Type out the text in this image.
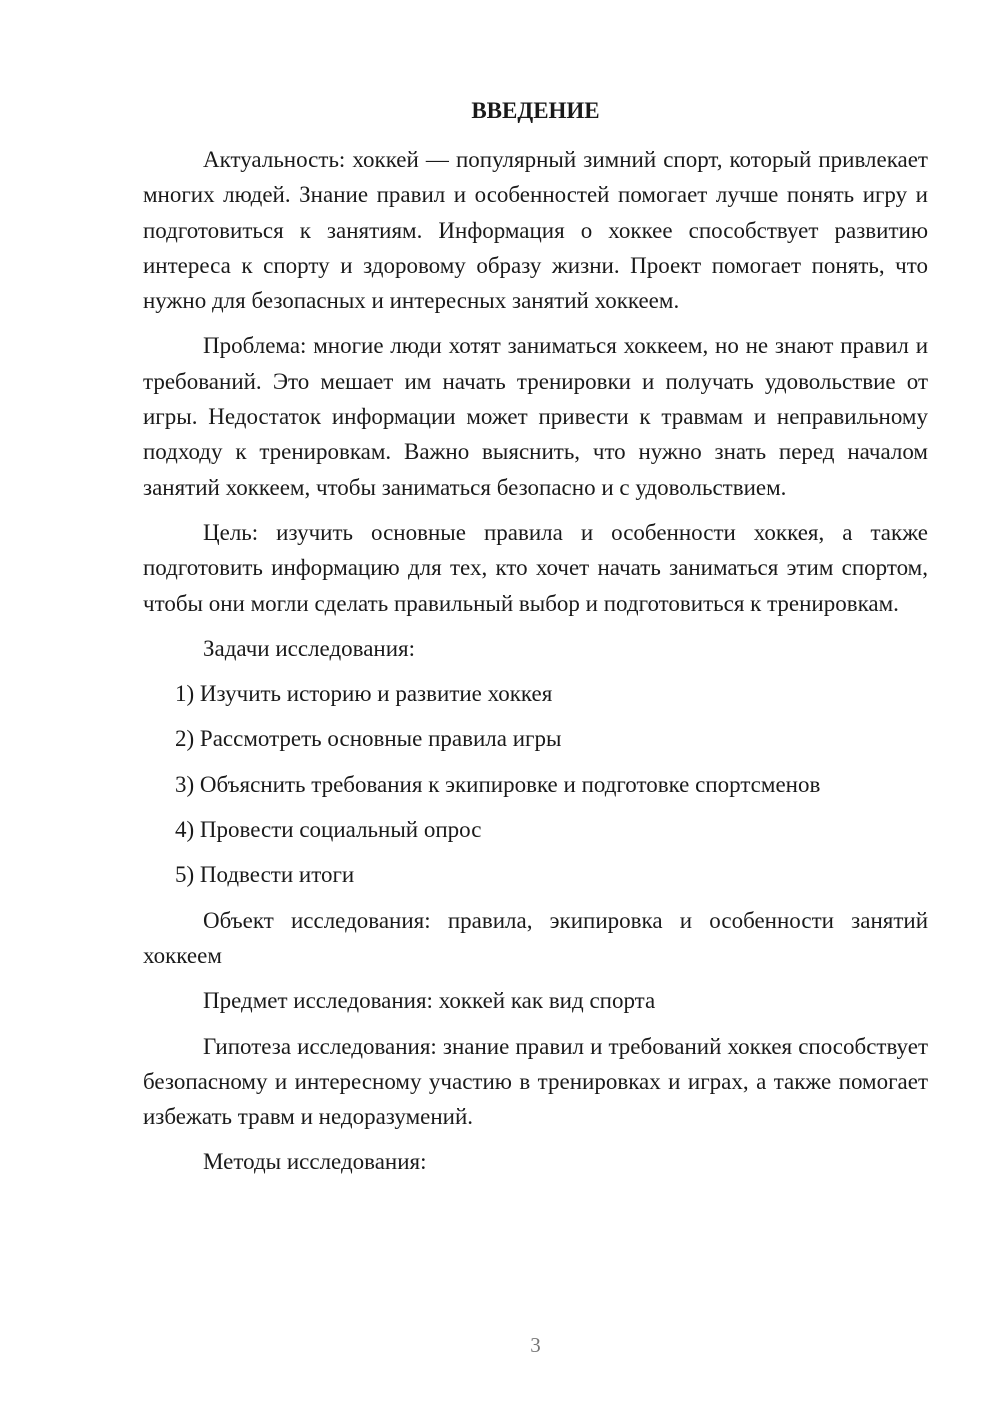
ВВЕДЕНИЕ

Актуальность: хоккей — популярный зимний спорт, который привлекает многих людей. Знание правил и особенностей помогает лучше понять игру и подготовиться к занятиям. Информация о хоккее способствует развитию интереса к спорту и здоровому образу жизни. Проект помогает понять, что нужно для безопасных и интересных занятий хоккеем.

Проблема: многие люди хотят заниматься хоккеем, но не знают правил и требований. Это мешает им начать тренировки и получать удовольствие от игры. Недостаток информации может привести к травмам и неправильному подходу к тренировкам. Важно выяснить, что нужно знать перед началом занятий хоккеем, чтобы заниматься безопасно и с удовольствием.

Цель: изучить основные правила и особенности хоккея, а также подготовить информацию для тех, кто хочет начать заниматься этим спортом, чтобы они могли сделать правильный выбор и подготовиться к тренировкам.

Задачи исследования:

1) Изучить историю и развитие хоккея
2) Рассмотреть основные правила игры
3) Объяснить требования к экипировке и подготовке спортсменов
4) Провести социальный опрос
5) Подвести итоги

Объект исследования: правила, экипировка и особенности занятий хоккеем

Предмет исследования: хоккей как вид спорта

Гипотеза исследования: знание правил и требований хоккея способствует безопасному и интересному участию в тренировках и играх, а также помогает избежать травм и недоразумений.

Методы исследования:

3
